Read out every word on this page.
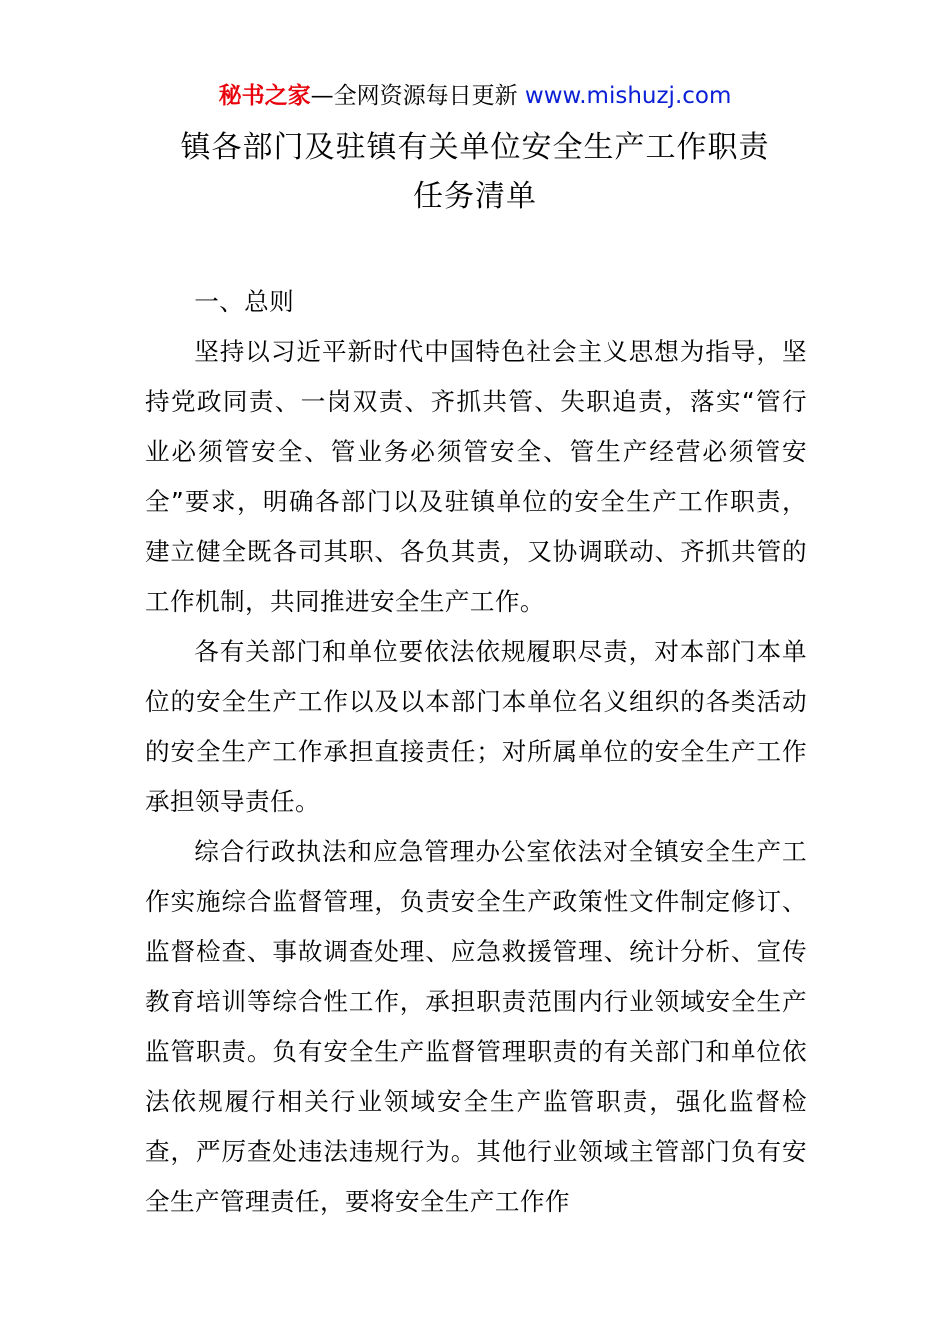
秘书之家—全网资源每日更新 www.mishuzj.com
镇各部门及驻镇有关单位安全生产工作职责
任务清单
一、总则

坚持以习近平新时代中国特色社会主义思想为指导，坚持党政同责、一岗双责、齐抓共管、失职追责，落实“管行业必须管安全、管业务必须管安全、管生产经营必须管安全”要求，明确各部门以及驻镇单位的安全生产工作职责，建立健全既各司其职、各负其责，又协调联动、齐抓共管的工作机制，共同推进安全生产工作。

各有关部门和单位要依法依规履职尽责，对本部门本单位的安全生产工作以及以本部门本单位名义组织的各类活动的安全生产工作承担直接责任；对所属单位的安全生产工作承担领导责任。

综合行政执法和应急管理办公室依法对全镇安全生产工作实施综合监督管理，负责安全生产政策性文件制定修订、监督检查、事故调查处理、应急救援管理、统计分析、宣传教育培训等综合性工作，承担职责范围内行业领域安全生产监管职责。负有安全生产监督管理职责的有关部门和单位依法依规履行相关行业领域安全生产监管职责，强化监督检查，严厉查处违法违规行为。其他行业领域主管部门负有安全生产管理责任，要将安全生产工作作
